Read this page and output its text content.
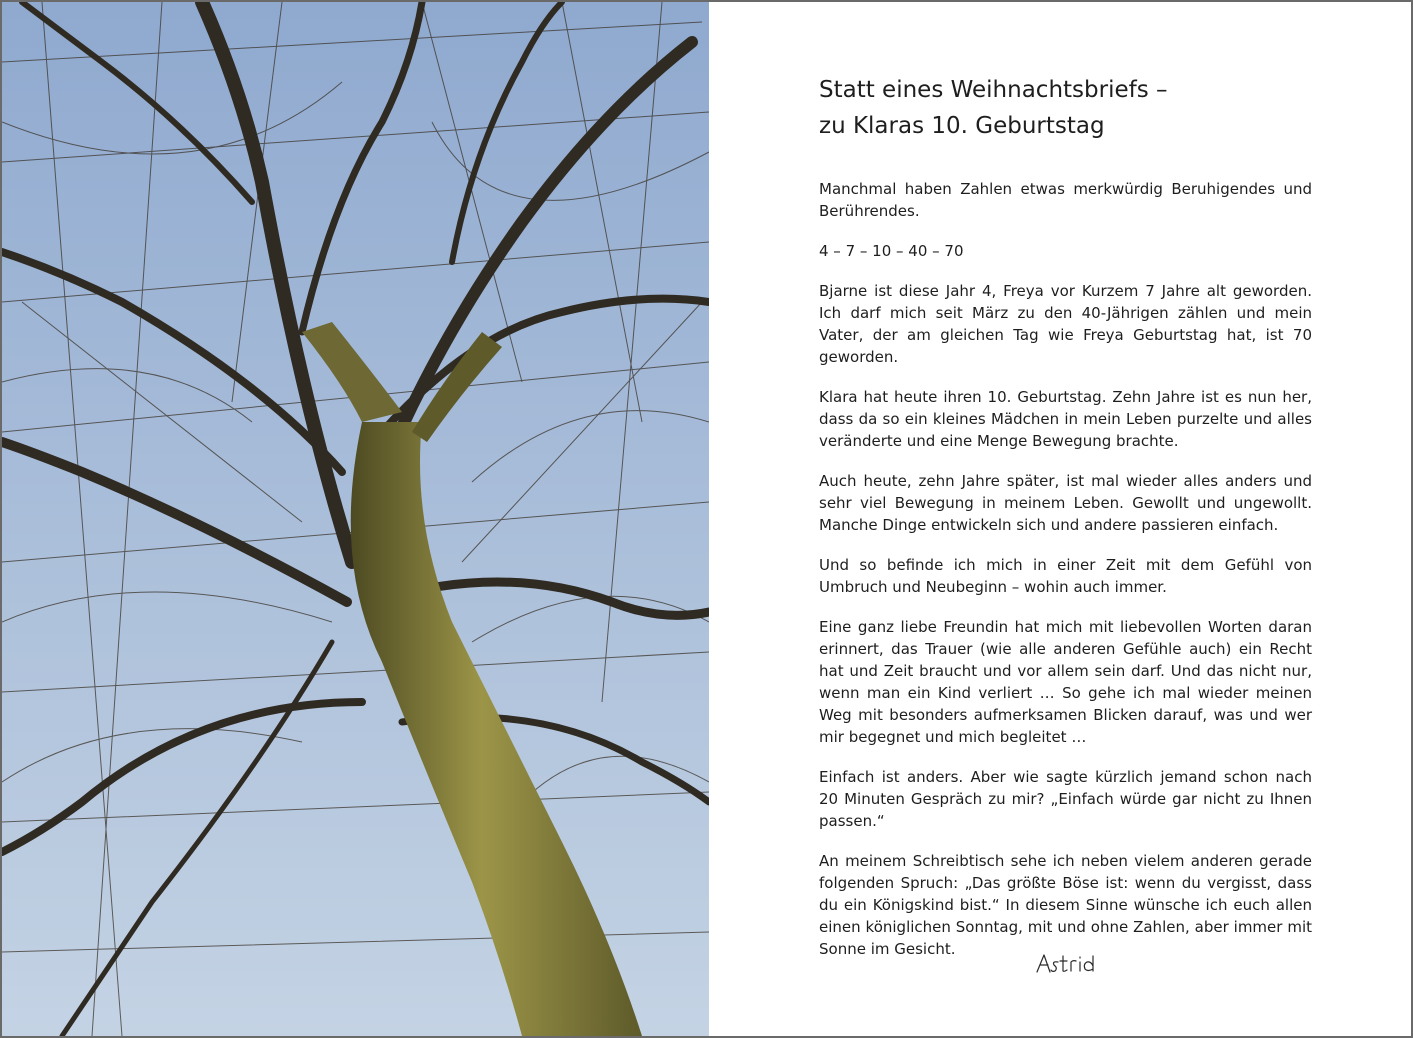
Statt eines Weihnachtsbriefs –
zu Klaras 10. Geburtstag

Manchmal haben Zahlen etwas merkwürdig Beruhigendes und Berührendes.

4 – 7 – 10 – 40 – 70

Bjarne ist diese Jahr 4, Freya vor Kurzem 7 Jahre alt geworden. Ich darf mich seit März zu den 40-Jährigen zählen und mein Vater, der am gleichen Tag wie Freya Geburtstag hat, ist 70 geworden.

Klara hat heute ihren 10. Geburtstag. Zehn Jahre ist es nun her, dass da so ein kleines Mädchen in mein Leben purzelte und alles veränderte und eine Menge Bewegung brachte.

Auch heute, zehn Jahre später, ist mal wieder alles anders und sehr viel Bewegung in meinem Leben. Gewollt und ungewollt. Manche Dinge entwickeln sich und andere passieren einfach.

Und so befinde ich mich in einer Zeit mit dem Gefühl von Umbruch und Neubeginn – wohin auch immer.

Eine ganz liebe Freundin hat mich mit liebevollen Worten daran erinnert, das Trauer (wie alle anderen Gefühle auch) ein Recht hat und Zeit braucht und vor allem sein darf. Und das nicht nur, wenn man ein Kind verliert … So gehe ich mal wieder meinen Weg mit besonders aufmerksamen Blicken darauf, was und wer mir begegnet und mich begleitet …

Einfach ist anders. Aber wie sagte kürzlich jemand schon nach 20 Minuten Gespräch zu mir? „Einfach würde gar nicht zu Ihnen passen.“

An meinem Schreibtisch sehe ich neben vielem anderen gerade folgenden Spruch: „Das größte Böse ist: wenn du vergisst, dass du ein Königskind bist.“ In diesem Sinne wünsche ich euch allen einen königlichen Sonntag, mit und ohne Zahlen, aber immer mit Sonne im Gesicht.
